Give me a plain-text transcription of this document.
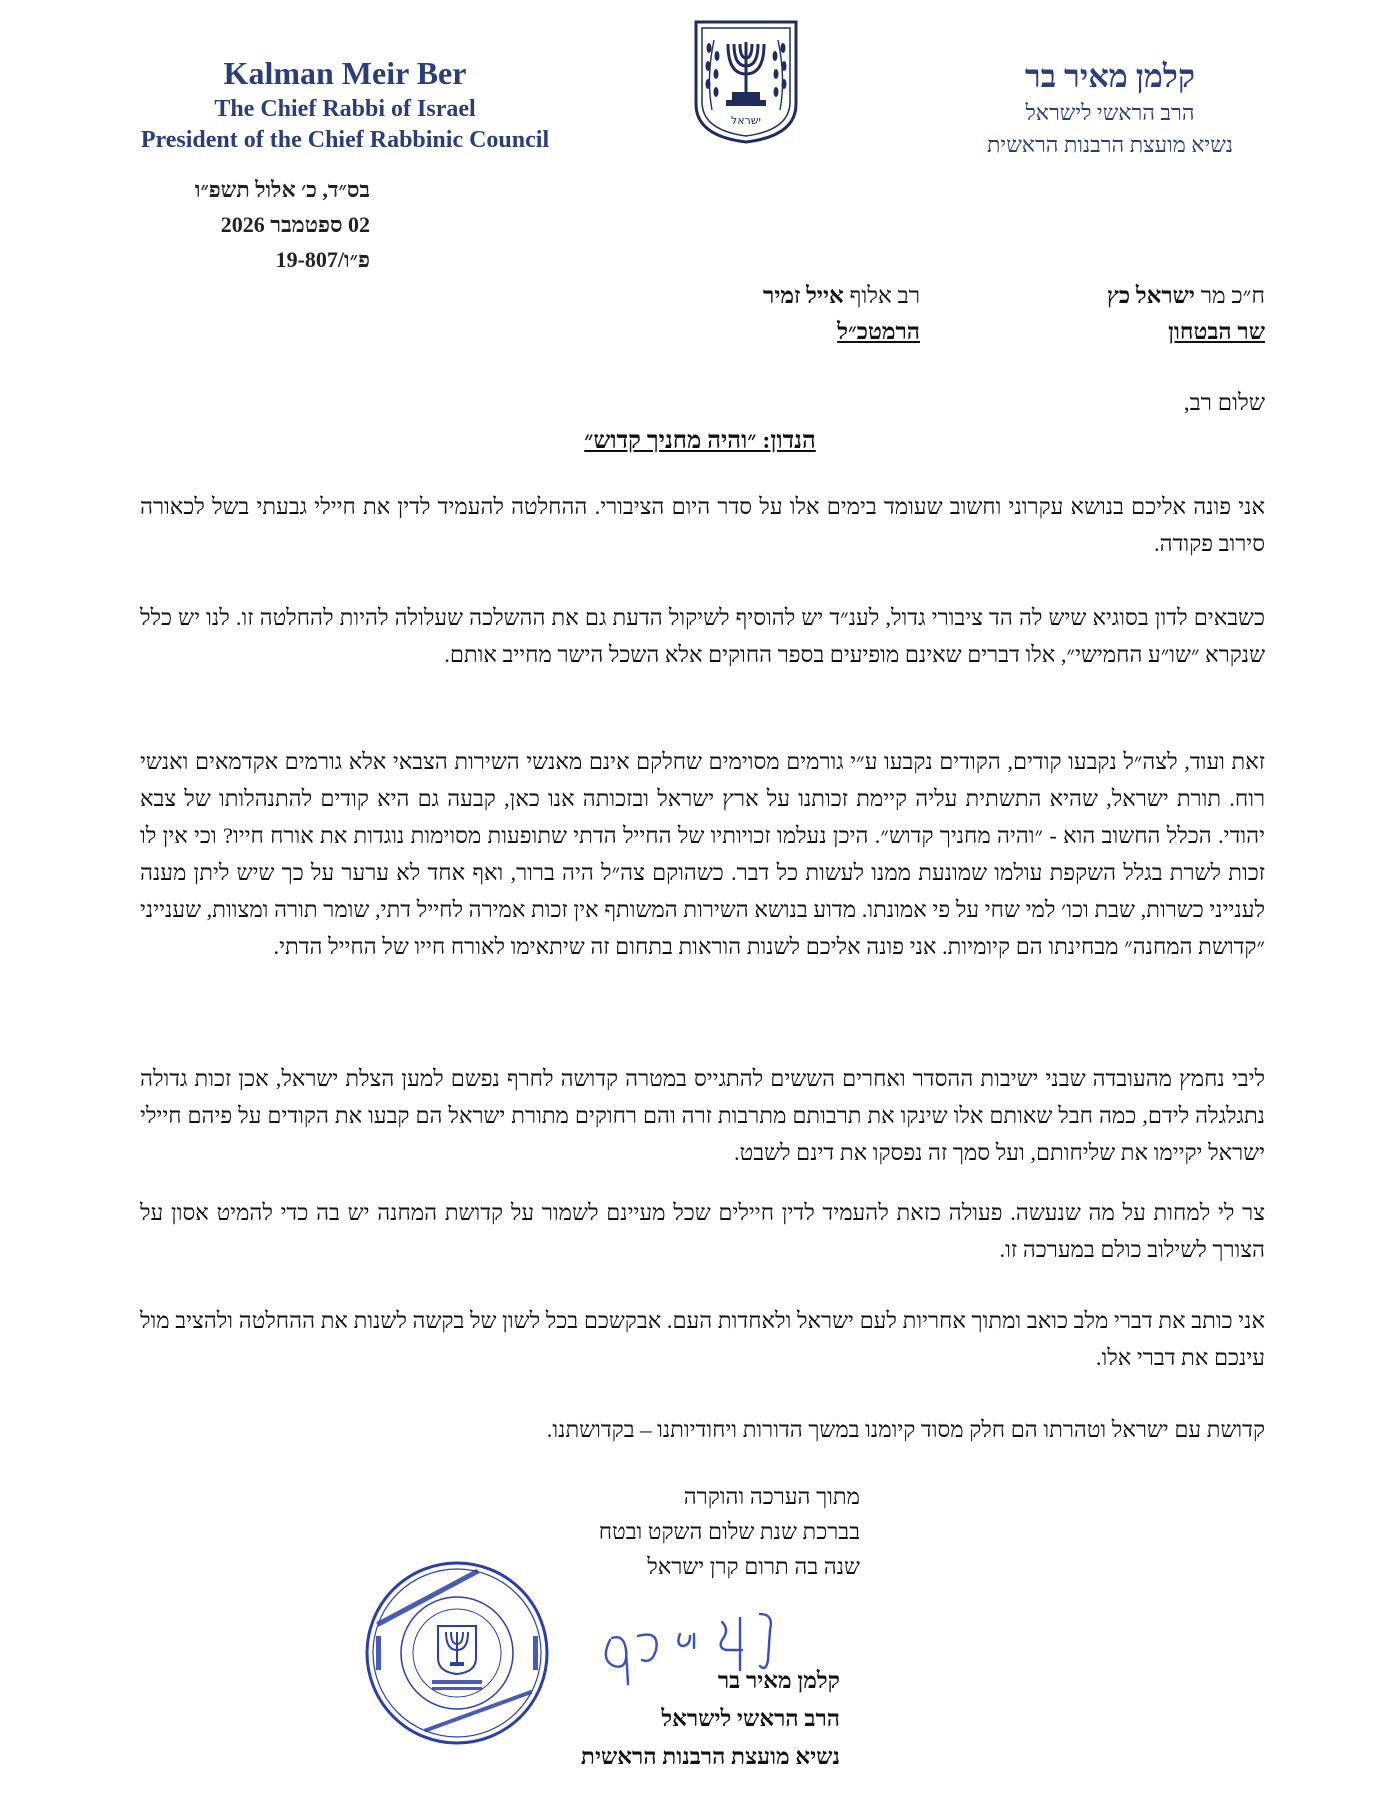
Kalman Meir Ber
The Chief Rabbi of Israel
President of the Chief Rabbinic Council
ישראל
קלמן מאיר בר
הרב הראשי לישראל
נשיא מועצת הרבנות הראשית
בס״ד, כ׳ אלול תשפ״ו
02 ספטמבר 2026
פ״ו/19-807
ח״כ מר ישראל כץ
שר הבטחון
רב אלוף אייל זמיר
הרמטכ״ל
שלום רב,
הנדון: ״והיה מחניך קדוש״
אני פונה אליכם בנושא עקרוני וחשוב שעומד בימים אלו על סדר היום הציבורי. ההחלטה להעמיד לדין את חיילי גבעתי בשל לכאורה סירוב פקודה.
כשבאים לדון בסוגיא שיש לה הד ציבורי גדול, לענ״ד יש להוסיף לשיקול הדעת גם את ההשלכה שעלולה להיות להחלטה זו. לנו יש כלל שנקרא ״שו״ע החמישי״, אלו דברים שאינם מופיעים בספר החוקים אלא השכל הישר מחייב אותם.
זאת ועוד, לצה״ל נקבעו קודים, הקודים נקבעו ע״י גורמים מסוימים שחלקם אינם מאנשי השירות הצבאי אלא גורמים אקדמאים ואנשי רוח. תורת ישראל, שהיא התשתית עליה קיימת זכותנו על ארץ ישראל ובזכותה אנו כאן, קבעה גם היא קודים להתנהלותו של צבא יהודי. הכלל החשוב הוא - ״והיה מחניך קדוש״. היכן נעלמו זכויותיו של החייל הדתי שתופעות מסוימות נוגדות את אורח חייו? וכי אין לו זכות לשרת בגלל השקפת עולמו שמונעת ממנו לעשות כל דבר. כשהוקם צה״ל היה ברור, ואף אחד לא ערער על כך שיש ליתן מענה לענייני כשרות, שבת וכו׳ למי שחי על פי אמונתו. מדוע בנושא השירות המשותף אין זכות אמירה לחייל דתי, שומר תורה ומצוות, שענייני ״קדושת המחנה״ מבחינתו הם קיומיות. אני פונה אליכם לשנות הוראות בתחום זה שיתאימו לאורח חייו של החייל הדתי.
ליבי נחמץ מהעובדה שבני ישיבות ההסדר ואחרים הששים להתגייס במטרה קדושה לחרף נפשם למען הצלת ישראל, אכן זכות גדולה נתגלגלה לידם, כמה חבל שאותם אלו שינקו את תרבותם מתרבות זרה והם רחוקים מתורת ישראל הם קבעו את הקודים על פיהם חיילי ישראל יקיימו את שליחותם, ועל סמך זה נפסקו את דינם לשבט.
צר לי למחות על מה שנעשה. פעולה כזאת להעמיד לדין חיילים שכל מעיינם לשמור על קדושת המחנה יש בה כדי להמיט אסון על הצורך לשילוב כולם במערכה זו.
אני כותב את דברי מלב כואב ומתוך אחריות לעם ישראל ולאחדות העם. אבקשכם בכל לשון של בקשה לשנות את ההחלטה ולהציב מול עינכם את דברי אלו.
קדושת עם ישראל וטהרתו הם חלק מסוד קיומנו במשך הדורות ויחודיותנו – בקדושתנו.
מתוך הערכה והוקרה
בברכת שנת שלום השקט ובטח
שנה בה תרום קרן ישראל
קלמן מאיר בר
הרב הראשי לישראל
נשיא מועצת הרבנות הראשית
